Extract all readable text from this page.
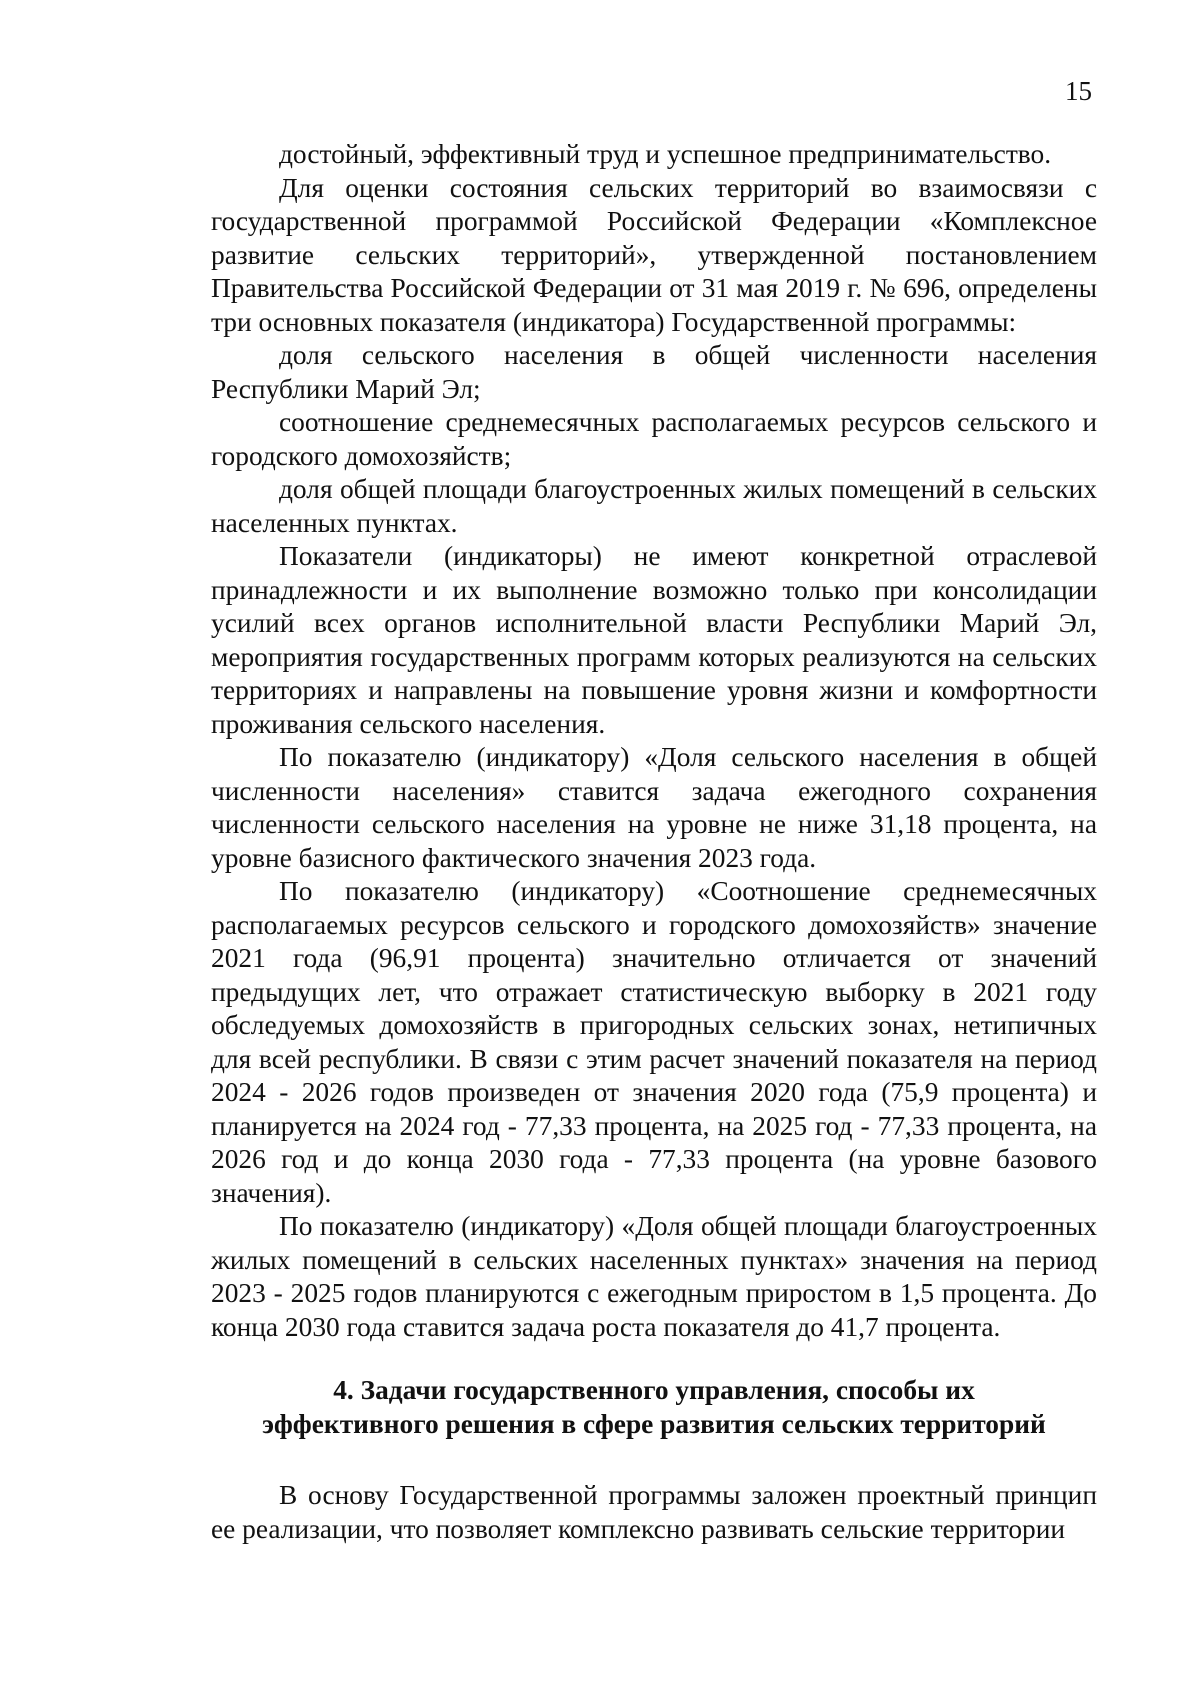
15

достойный, эффективный труд и успешное предпринимательство.

Для оценки состояния сельских территорий во взаимосвязи с государственной программой Российской Федерации «Комплексное развитие сельских территорий», утвержденной постановлением Правительства Российской Федерации от 31 мая 2019 г. № 696, определены три основных показателя (индикатора) Государственной программы:

доля сельского населения в общей численности населения Республики Марий Эл;

соотношение среднемесячных располагаемых ресурсов сельского и городского домохозяйств;

доля общей площади благоустроенных жилых помещений в сельских населенных пунктах.

Показатели (индикаторы) не имеют конкретной отраслевой принадлежности и их выполнение возможно только при консолидации усилий всех органов исполнительной власти Республики Марий Эл, мероприятия государственных программ которых реализуются на сельских территориях и направлены на повышение уровня жизни и комфортности проживания сельского населения.

По показателю (индикатору) «Доля сельского населения в общей численности населения» ставится задача ежегодного сохранения численности сельского населения на уровне не ниже 31,18 процента, на уровне базисного фактического значения 2023 года.

По показателю (индикатору) «Соотношение среднемесячных располагаемых ресурсов сельского и городского домохозяйств» значение 2021 года (96,91 процента) значительно отличается от значений предыдущих лет, что отражает статистическую выборку в 2021 году обследуемых домохозяйств в пригородных сельских зонах, нетипичных для всей республики. В связи с этим расчет значений показателя на период 2024 - 2026 годов произведен от значения 2020 года (75,9 процента) и планируется на 2024 год - 77,33 процента, на 2025 год - 77,33 процента, на 2026 год и до конца 2030 года - 77,33 процента (на уровне базового значения).

По показателю (индикатору) «Доля общей площади благоустроенных жилых помещений в сельских населенных пунктах» значения на период 2023 - 2025 годов планируются с ежегодным приростом в 1,5 процента. До конца 2030 года ставится задача роста показателя до 41,7 процента.

4. Задачи государственного управления, способы их
эффективного решения в сфере развития сельских территорий

В основу Государственной программы заложен проектный принцип ее реализации, что позволяет комплексно развивать сельские территории
